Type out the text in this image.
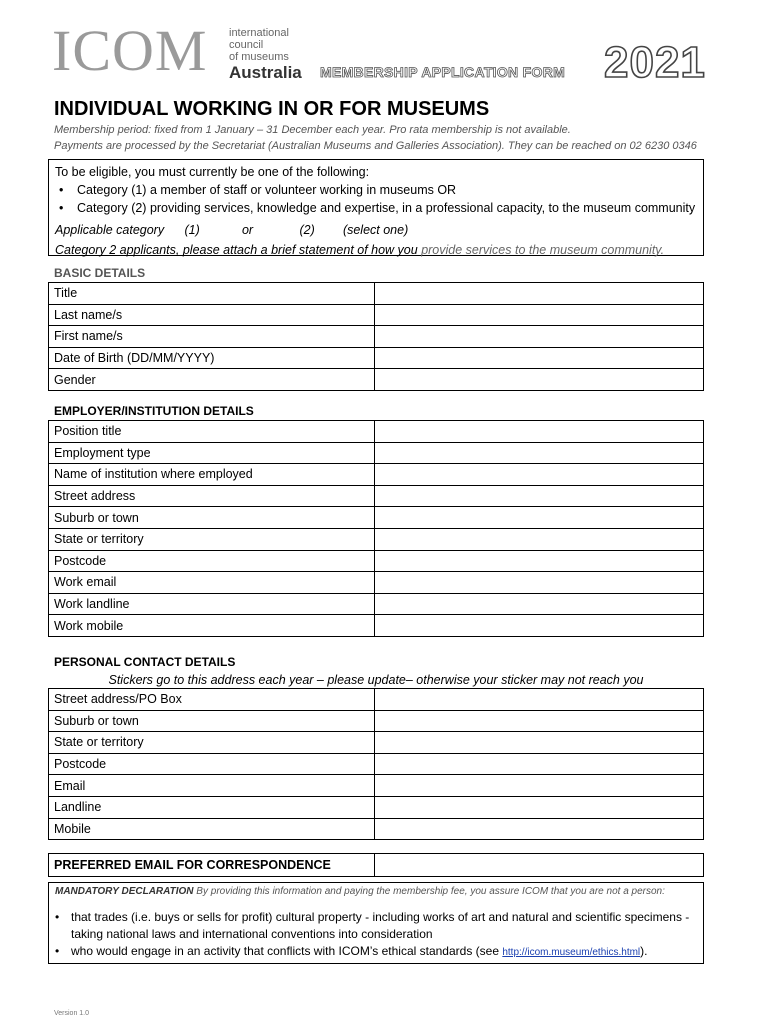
ICOM international
council
of museums
Australia MEMBERSHIP APPLICATION FORM 2021
INDIVIDUAL WORKING IN OR FOR MUSEUMS
Membership period: fixed from 1 January – 31 December each year. Pro rata membership is not available.
Payments are processed by the Secretariat (Australian Museums and Galleries Association). They can be reached on 02 6230 0346
To be eligible, you must currently be one of the following:
• Category (1) a member of staff or volunteer working in museums OR
• Category (2) providing services, knowledge and expertise, in a professional capacity, to the museum community
Applicable category (1)	or	(2) (select one)
Category 2 applicants, please attach a brief statement of how you provide services to the museum community.
BASIC DETAILS
Title	
Last name/s	
First name/s	
Date of Birth (DD/MM/YYYY)	
Gender	
EMPLOYER/INSTITUTION DETAILS
Position title	
Employment type	
Name of institution where employed	
Street address	
Suburb or town	
State or territory	
Postcode	
Work email	
Work landline	
Work mobile	
PERSONAL CONTACT DETAILS
Stickers go to this address each year – please update– otherwise your sticker may not reach you
Street address/PO Box	
Suburb or town	
State or territory	
Postcode	
Email	
Landline	
Mobile	
PREFERRED EMAIL FOR CORRESPONDENCE
MANDATORY DECLARATION By providing this information and paying the membership fee, you assure ICOM that you are not a person:
• that trades (i.e. buys or sells for profit) cultural property - including works of art and natural and scientific specimens - taking national laws and international conventions into consideration
• who would engage in an activity that conflicts with ICOM’s ethical standards (see http://icom.museum/ethics.html).
Version 1.0
